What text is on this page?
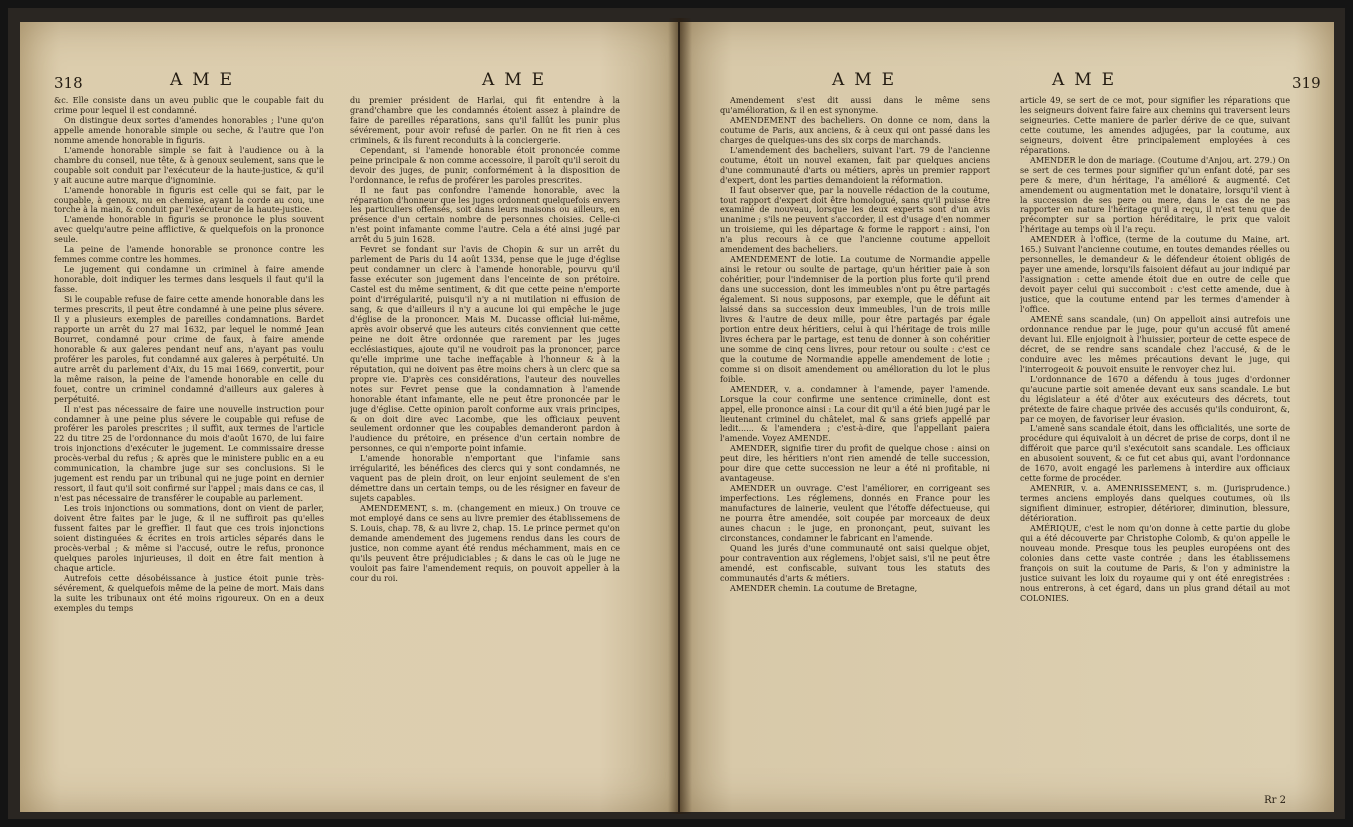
318	AME	AME

&c. Elle consiste dans un aveu public que le coupable fait du crime pour lequel il est condamné.

On distingue deux sortes d'amendes honorables ; l'une qu'on appelle amende honorable simple ou seche, & l'autre que l'on nomme amende honorable in figuris.

L'amende honorable simple se fait à l'audience ou à la chambre du conseil, nue tête, & à genoux seulement, sans que le coupable soit conduit par l'exécuteur de la haute-justice, & qu'il y ait aucune autre marque d'ignominie.

L'amende honorable in figuris est celle qui se fait, par le coupable, à genoux, nu en chemise, ayant la corde au cou, une torche à la main, & conduit par l'exécuteur de la haute-justice.

L'amende honorable in figuris se prononce le plus souvent avec quelqu'autre peine afflictive, & quelquefois on la prononce seule.

La peine de l'amende honorable se prononce contre les femmes comme contre les hommes.

Le jugement qui condamne un criminel à faire amende honorable, doit indiquer les termes dans lesquels il faut qu'il la fasse.

Si le coupable refuse de faire cette amende honorable dans les termes prescrits, il peut être condamné à une peine plus sévere. Il y a plusieurs exemples de pareilles condamnations. Bardet rapporte un arrêt du 27 mai 1632, par lequel le nommé Jean Bourret, condamné pour crime de faux, à faire amende honorable & aux galeres pendant neuf ans, n'ayant pas voulu proférer les paroles, fut condamné aux galeres à perpétuité. Un autre arrêt du parlement d'Aix, du 15 mai 1669, convertit, pour la même raison, la peine de l'amende honorable en celle du fouet, contre un criminel condamné d'ailleurs aux galeres à perpétuité.

Il n'est pas nécessaire de faire une nouvelle instruction pour condamner à une peine plus sévere le coupable qui refuse de proférer les paroles prescrites ; il suffit, aux termes de l'article 22 du titre 25 de l'ordonnance du mois d'août 1670, de lui faire trois injonctions d'exécuter le jugement. Le commissaire dresse procès-verbal du refus ; & après que le ministere public en a eu communication, la chambre juge sur ses conclusions. Si le jugement est rendu par un tribunal qui ne juge point en dernier ressort, il faut qu'il soit confirmé sur l'appel ; mais dans ce cas, il n'est pas nécessaire de transférer le coupable au parlement.

Les trois injonctions ou sommations, dont on vient de parler, doivent être faites par le juge, & il ne suffiroit pas qu'elles fussent faites par le greffier. Il faut que ces trois injonctions soient distinguées & écrites en trois articles séparés dans le procès-verbal ; & même si l'accusé, outre le refus, prononce quelques paroles injurieuses, il doit en être fait mention à chaque article.

Autrefois cette désobéissance à justice étoit punie très-sévérement, & quelquefois même de la peine de mort. Mais dans la suite les tribunaux ont été moins rigoureux. On en a deux exemples du temps

du premier président de Harlai, qui fit entendre à la grand'chambre que les condamnés étoient assez à plaindre de faire de pareilles réparations, sans qu'il fallût les punir plus sévérement, pour avoir refusé de parler. On ne fit rien à ces criminels, & ils furent reconduits à la conciergerie.

Cependant, si l'amende honorable étoit prononcée comme peine principale & non comme accessoire, il paroît qu'il seroit du devoir des juges, de punir, conformément à la disposition de l'ordonnance, le refus de proférer les paroles prescrites.

Il ne faut pas confondre l'amende honorable, avec la réparation d'honneur que les juges ordonnent quelquefois envers les particuliers offensés, soit dans leurs maisons ou ailleurs, en présence d'un certain nombre de personnes choisies. Celle-ci n'est point infamante comme l'autre. Cela a été ainsi jugé par arrêt du 5 juin 1628.

Fevret se fondant sur l'avis de Chopin & sur un arrêt du parlement de Paris du 14 août 1334, pense que le juge d'église peut condamner un clerc à l'amende honorable, pourvu qu'il fasse exécuter son jugement dans l'enceinte de son prétoire. Castel est du même sentiment, & dit que cette peine n'emporte point d'irrégularité, puisqu'il n'y a ni mutilation ni effusion de sang, & que d'ailleurs il n'y a aucune loi qui empêche le juge d'église de la prononcer. Mais M. Ducasse officiał lui-même, après avoir observé que les auteurs cités conviennent que cette peine ne doit être ordonnée que rarement par les juges ecclésiastiques, ajoute qu'il ne voudroit pas la prononcer, parce qu'elle imprime une tache ineffaçable à l'honneur & à la réputation, qui ne doivent pas être moins chers à un clerc que sa propre vie. D'après ces considérations, l'auteur des nouvelles notes sur Fevret pense que la condamnation à l'amende honorable étant infamante, elle ne peut être prononcée par le juge d'église. Cette opinion paroît conforme aux vrais principes, & on doit dire avec Lacombe, que les officiaux peuvent seulement ordonner que les coupables demanderont pardon à l'audience du prétoire, en présence d'un certain nombre de personnes, ce qui n'emporte point infamie.

L'amende honorable n'emportant que l'infamie sans irrégularité, les bénéfices des clercs qui y sont condamnés, ne vaquent pas de plein droit, on leur enjoint seulement de s'en démettre dans un certain temps, ou de les résigner en faveur de sujets capables.

AMENDEMENT, s. m. (changement en mieux.) On trouve ce mot employé dans ce sens au livre premier des établissemens de S. Louis, chap. 78, & au livre 2, chap. 15. Le prince permet qu'on demande amendement des jugemens rendus dans les cours de justice, non comme ayant été rendus méchamment, mais en ce qu'ils peuvent être préjudiciables ; & dans le cas où le juge ne vouloit pas faire l'amendement requis, on pouvoit appeller à la cour du roi.

AME	AME	319

Amendement s'est dit aussi dans le même sens qu'amélioration, & il en est synonyme.

AMENDEMENT des bacheliers. On donne ce nom, dans la coutume de Paris, aux anciens, & à ceux qui ont passé dans les charges de quelques-uns des six corps de marchands.

L'amendement des bacheliers, suivant l'art. 79 de l'ancienne coutume, étoit un nouvel examen, fait par quelques anciens d'une communauté d'arts ou métiers, après un premier rapport d'expert, dont les parties demandoient la réformation.

Il faut observer que, par la nouvelle rédaction de la coutume, tout rapport d'expert doit être homologué, sans qu'il puisse être examiné de nouveau, lorsque les deux experts sont d'un avis unanime ; s'ils ne peuvent s'accorder, il est d'usage d'en nommer un troisieme, qui les départage & forme le rapport : ainsi, l'on n'a plus recours à ce que l'ancienne coutume appelloit amendement des bacheliers.

AMENDEMENT de lotie. La coutume de Normandie appelle ainsi le retour ou soulte de partage, qu'un héritier paie à son cohéritier, pour l'indemniser de la portion plus forte qu'il prend dans une succession, dont les immeubles n'ont pu être partagés également. Si nous supposons, par exemple, que le défunt ait laissé dans sa succession deux immeubles, l'un de trois mille livres & l'autre de deux mille, pour être partagés par égale portion entre deux héritiers, celui à qui l'héritage de trois mille livres échera par le partage, est tenu de donner à son cohéritier une somme de cinq cens livres, pour retour ou soulte : c'est ce que la coutume de Normandie appelle amendement de lotie ; comme si on disoit amendement ou amélioration du lot le plus foible.

AMENDER, v. a. condamner à l'amende, payer l'amende. Lorsque la cour confirme une sentence criminelle, dont est appel, elle prononce ainsi : La cour dit qu'il a été bien jugé par le lieutenant criminel du châtelet, mal & sans griefs appellé par ledit...... & l'amendera ; c'est-à-dire, que l'appellant paiera l'amende. Voyez AMENDE.

AMENDER, signifie tirer du profit de quelque chose : ainsi on peut dire, les héritiers n'ont rien amendé de telle succession, pour dire que cette succession ne leur a été ni profitable, ni avantageuse.

AMENDER un ouvrage. C'est l'améliorer, en corrigeant ses imperfections. Les réglemens, donnés en France pour les manufactures de lainerie, veulent que l'étoffe défectueuse, qui ne pourra être amendée, soit coupée par morceaux de deux aunes chacun : le juge, en prononçant, peut, suivant les circonstances, condamner le fabricant en l'amende.

Quand les jurés d'une communauté ont saisi quelque objet, pour contravention aux réglemens, l'objet saisi, s'il ne peut être amendé, est confiscable, suivant tous les statuts des communautés d'arts & métiers.

AMENDER chemin. La coutume de Bretagne,

article 49, se sert de ce mot, pour signifier les réparations que les seigneurs doivent faire faire aux chemins qui traversent leurs seigneuries. Cette maniere de parler dérive de ce que, suivant cette coutume, les amendes adjugées, par la coutume, aux seigneurs, doivent être principalement employées à ces réparations.

AMENDER le don de mariage. (Coutume d'Anjou, art. 279.) On se sert de ces termes pour signifier qu'un enfant doté, par ses pere & mere, d'un héritage, l'a amélioré & augmenté. Cet amendement ou augmentation met le donataire, lorsqu'il vient à la succession de ses pere ou mere, dans le cas de ne pas rapporter en nature l'héritage qu'il a reçu, il n'est tenu que de précompter sur sa portion héréditaire, le prix que valoit l'héritage au temps où il l'a reçu.

AMENDER à l'office, (terme de la coutume du Maine, art. 165.) Suivant l'ancienne coutume, en toutes demandes réelles ou personnelles, le demandeur & le défendeur étoient obligés de payer une amende, lorsqu'ils faisoient défaut au jour indiqué par l'assignation : cette amende étoit due en outre de celle que devoit payer celui qui succomboit : c'est cette amende, due à justice, que la coutume entend par les termes d'amender à l'office.

AMENÉ sans scandale, (un) On appelloit ainsi autrefois une ordonnance rendue par le juge, pour qu'un accusé fût amené devant lui. Elle enjoignoit à l'huissier, porteur de cette espece de décret, de se rendre sans scandale chez l'accusé, & de le conduire avec les mêmes précautions devant le juge, qui l'interrogeoit & pouvoit ensuite le renvoyer chez lui.

L'ordonnance de 1670 a défendu à tous juges d'ordonner qu'aucune partie soit amenée devant eux sans scandale. Le but du législateur a été d'ôter aux exécuteurs des décrets, tout prétexte de faire chaque privée des accusés qu'ils conduiront, &, par ce moyen, de favoriser leur évasion.

L'amené sans scandale étoit, dans les officialités, une sorte de procédure qui équivaloit à un décret de prise de corps, dont il ne différoit que parce qu'il s'exécutoit sans scandale. Les officiaux en abusoient souvent, & ce fut cet abus qui, avant l'ordonnance de 1670, avoit engagé les parlemens à interdire aux officiaux cette forme de procéder.

AMENRIR, v. a. AMENRISSEMENT, s. m. (Jurisprudence.) termes anciens employés dans quelques coutumes, où ils signifient diminuer, estropier, détériorer, diminution, blessure, détérioration.

AMÉRIQUE, c'est le nom qu'on donne à cette partie du globe qui a été découverte par Christophe Colomb, & qu'on appelle le nouveau monde. Presque tous les peuples européens ont des colonies dans cette vaste contrée ; dans les établissemens françois on suit la coutume de Paris, & l'on y administre la justice suivant les loix du royaume qui y ont été enregistrées : nous entrerons, à cet égard, dans un plus grand détail au mot COLONIES.

Rr 2
